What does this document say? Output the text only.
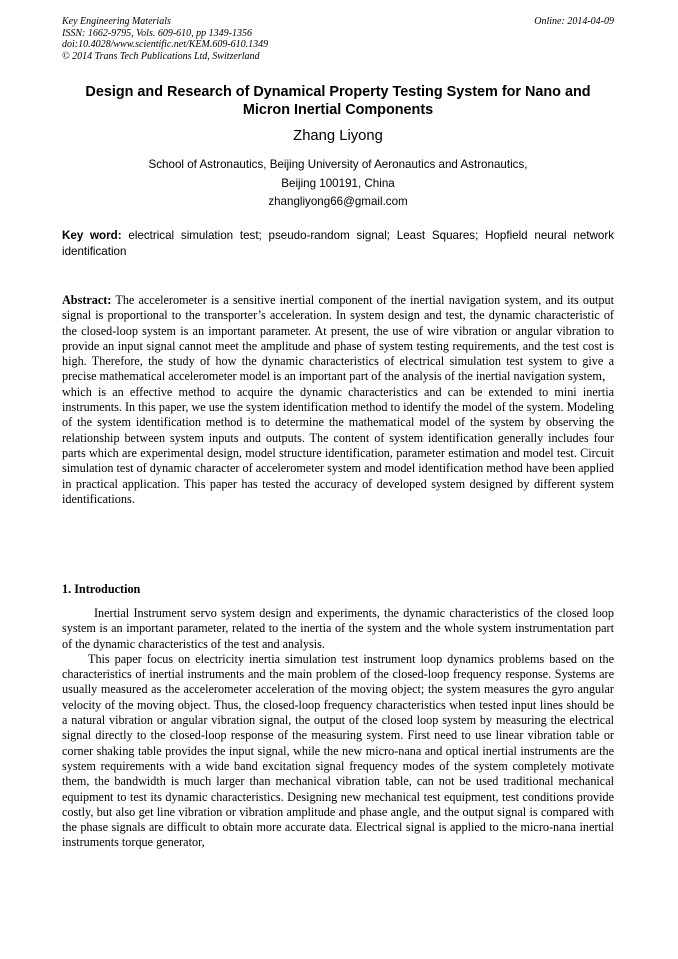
Key Engineering Materials
ISSN: 1662-9795, Vols. 609-610, pp 1349-1356
doi:10.4028/www.scientific.net/KEM.609-610.1349
© 2014 Trans Tech Publications Ltd, Switzerland
Online: 2014-04-09
Design and Research of Dynamical Property Testing System for Nano and Micron Inertial Components
Zhang Liyong
School of Astronautics, Beijing University of Aeronautics and Astronautics,
Beijing 100191, China
zhangliyong66@gmail.com
Key word: electrical simulation test; pseudo-random signal; Least Squares; Hopfield neural network identification
Abstract: The accelerometer is a sensitive inertial component of the inertial navigation system, and its output signal is proportional to the transporter’s acceleration. In system design and test, the dynamic characteristic of the closed-loop system is an important parameter. At present, the use of wire vibration or angular vibration to provide an input signal cannot meet the amplitude and phase of system testing requirements, and the test cost is high. Therefore, the study of how the dynamic characteristics of electrical simulation test system to give a precise mathematical accelerometer model is an important part of the analysis of the inertial navigation system，which is an effective method to acquire the dynamic characteristics and can be extended to mini inertia instruments. In this paper, we use the system identification method to identify the model of the system. Modeling of the system identification method is to determine the mathematical model of the system by observing the relationship between system inputs and outputs. The content of system identification generally includes four parts which are experimental design, model structure identification, parameter estimation and model test. Circuit simulation test of dynamic character of accelerometer system and model identification method have been applied in practical application. This paper has tested the accuracy of developed system designed by different system identifications.
1. Introduction

Inertial Instrument servo system design and experiments, the dynamic characteristics of the closed loop system is an important parameter, related to the inertia of the system and the whole system instrumentation part of the dynamic characteristics of the test and analysis.

This paper focus on electricity inertia simulation test instrument loop dynamics problems based on the characteristics of inertial instruments and the main problem of the closed-loop frequency response. Systems are usually measured as the accelerometer acceleration of the moving object; the system measures the gyro angular velocity of the moving object. Thus, the closed-loop frequency characteristics when tested input lines should be a natural vibration or angular vibration signal, the output of the closed loop system by measuring the electrical signal directly to the closed-loop response of the measuring system. First need to use linear vibration table or corner shaking table provides the input signal, while the new micro-nana and optical inertial instruments are the system requirements with a wide band excitation signal frequency modes of the system completely motivate them, the bandwidth is much larger than mechanical vibration table, can not be used traditional mechanical equipment to test its dynamic characteristics. Designing new mechanical test equipment, test conditions provide costly, but also get line vibration or vibration amplitude and phase angle, and the output signal is compared with the phase signals are difficult to obtain more accurate data. Electrical signal is applied to the micro-nana inertial instruments torque generator,
